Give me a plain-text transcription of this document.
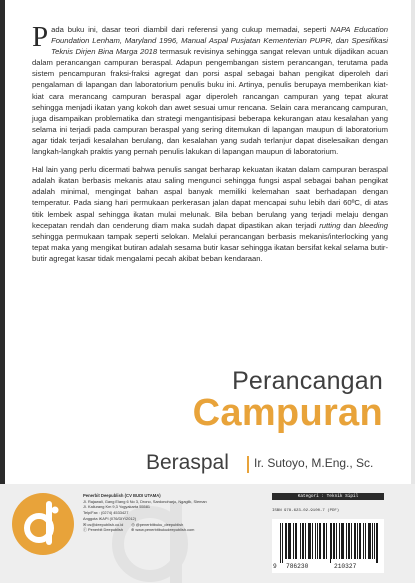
Pada buku ini, dasar teori diambil dari referensi yang cukup memadai, seperti NAPA Education Foundation Lenham, Maryland 1996, Manual Aspal Pusjatan Kementerian PUPR, dan Spesifikasi Teknis Dirjen Bina Marga 2018 termasuk revisinya sehingga sangat relevan untuk dijadikan acuan dalam perancangan campuran beraspal. Adapun pengembangan sistem perancangan, terutama pada sistem pencampuran fraksi-fraksi agregat dan porsi aspal sebagai bahan pengikat diperoleh dari pengalaman di lapangan dan laboratorium penulis buku ini. Artinya, penulis berupaya memberikan kiat-kiat cara merancang campuran beraspal agar diperoleh rancangan campuran yang tepat akurat sehingga menjadi ikatan yang kokoh dan awet sesuai umur rencana. Selain cara merancang campuran, juga disampaikan problematika dan strategi mengantisipasi beberapa kekurangan atau kesalahan yang selama ini terjadi pada campuran beraspal yang sering ditemukan di lapangan maupun di laboratorium agar tidak terjadi kesalahan berulang, dan kesalahan yang sudah terlanjur dapat diselesaikan dengan langkah-langkah praktis yang pernah penulis lakukan di lapangan maupun di laboratorium.

Hal lain yang perlu dicermati bahwa penulis sangat berharap kekuatan ikatan dalam campuran beraspal adalah ikatan berbasis mekanis atau saling mengunci sehingga fungsi aspal sebagai bahan pengikat adalah minimal, mengingat bahan aspal banyak memiliki kelemahan saat berhadapan dengan temperatur. Pada siang hari permukaan perkerasan jalan dapat mencapai suhu lebih dari 60ºC, di atas titik lembek aspal sehingga ikatan mulai melunak. Bila beban berulang yang terjadi melaju dengan kecepatan rendah dan cenderung diam maka sudah dapat dipastikan akan terjadi rutting dan bleeding sehingga permukaan tampak seperti selokan. Melalui perancangan berbasis mekanis/interlocking yang tepat maka yang mengikat butiran adalah sesama butir kasar sehingga ikatan bersifat kekal selama butir-butir agregat kasar tidak mengalami pecah akibat beban kendaraan.

Perancangan
Campuran
Beraspal Ir. Sutoyo, M.Eng., Sc.
Penerbit Deepublish (CV BUDI UTAMA)
Jl. Rajawali, Gang Elang 6 No 3, Drono, Sardonoharjo, Ngaglik, Sleman
Jl. Kaliurang Km 9,3 Yogyakarta 55581
Telp/Fax : (0274) 4533427
Anggota IKAPI (076/DIY/2012)
✉ cs@deepublish.co.id ◎ @penerbitbuku_deepublish
ⓕ Penerbit Deepublish ⊕ www.penerbitbukudeepublish.com
Kategori : Teknik Sipil
ISBN 978-623-02-9100-7 (PDF)
9 786230	210327
